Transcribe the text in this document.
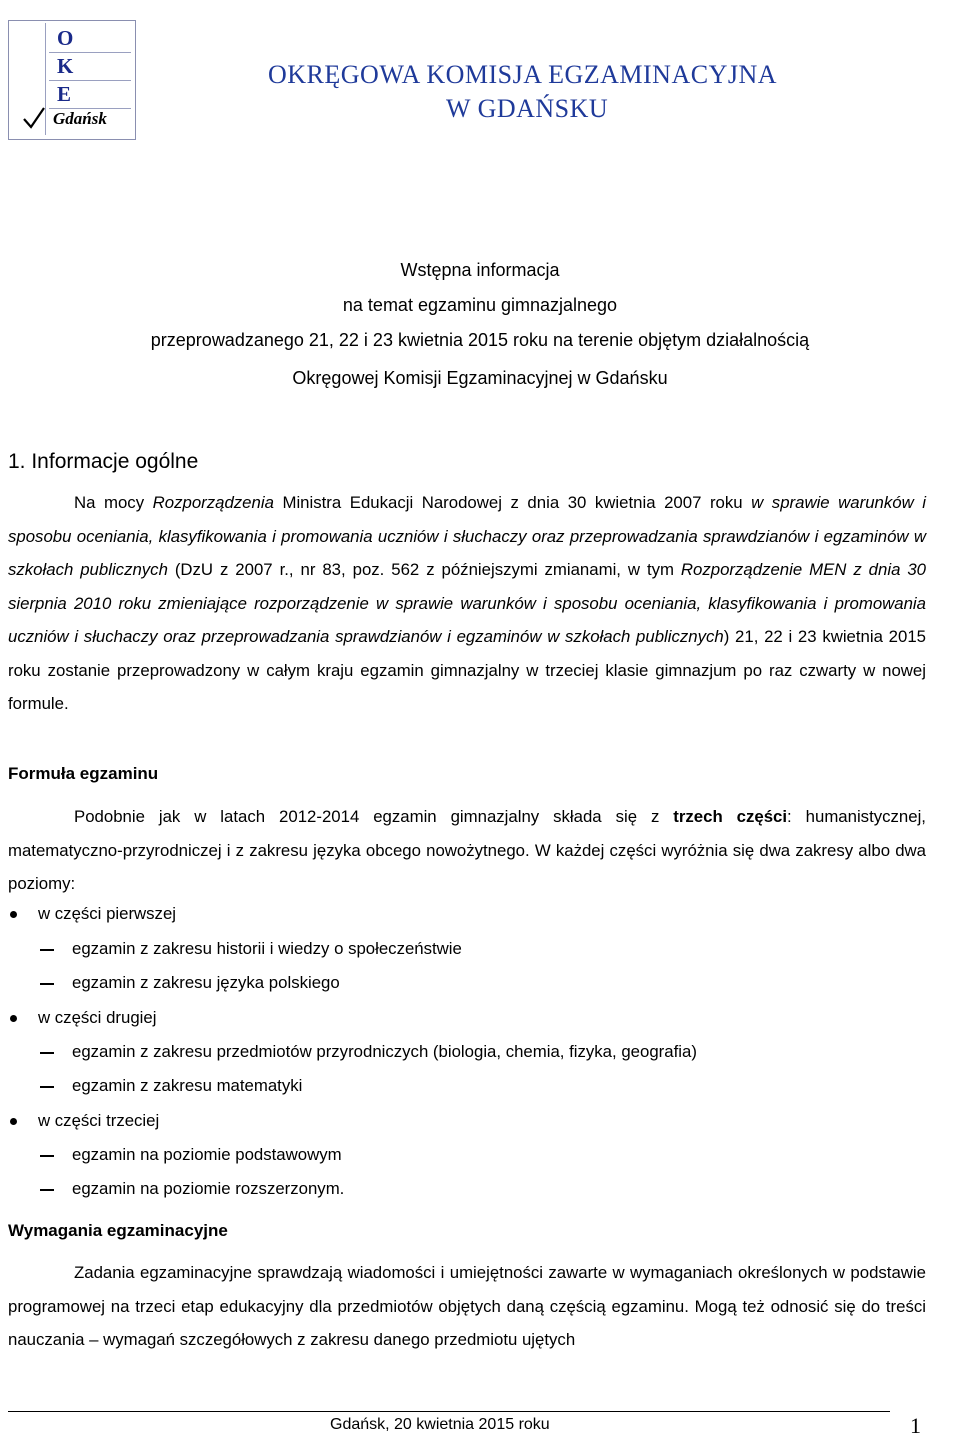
O
K
E
Gdańsk
OKRĘGOWA KOMISJA EGZAMINACYJNA
W GDAŃSKU
Wstępna informacja
na temat egzaminu gimnazjalnego
przeprowadzanego 21, 22 i 23 kwietnia 2015 roku na terenie objętym działalnością
Okręgowej Komisji Egzaminacyjnej w Gdańsku
1. Informacje ogólne
Na mocy Rozporządzenia Ministra Edukacji Narodowej z dnia 30 kwietnia 2007 roku w sprawie warunków i sposobu oceniania, klasyfikowania i promowania uczniów i słuchaczy oraz przeprowadzania sprawdzianów i egzaminów w szkołach publicznych (DzU z 2007 r., nr 83, poz. 562 z późniejszymi zmianami, w tym Rozporządzenie MEN z dnia 30 sierpnia 2010 roku zmieniające rozporządzenie w sprawie warunków i sposobu oceniania, klasyfikowania i promowania uczniów i słuchaczy oraz przeprowadzania sprawdzianów i egzaminów w szkołach publicznych) 21, 22 i 23 kwietnia 2015 roku zostanie przeprowadzony w całym kraju egzamin gimnazjalny w trzeciej klasie gimnazjum po raz czwarty w nowej formule.
Formuła egzaminu
Podobnie jak w latach 2012-2014 egzamin gimnazjalny składa się z trzech części: humanistycznej, matematyczno-przyrodniczej i z zakresu języka obcego nowożytnego. W każdej części wyróżnia się dwa zakresy albo dwa poziomy:
w części pierwszej
egzamin z zakresu historii i wiedzy o społeczeństwie
egzamin z zakresu języka polskiego
w części drugiej
egzamin z zakresu przedmiotów przyrodniczych (biologia, chemia, fizyka, geografia)
egzamin z zakresu matematyki
w części trzeciej
egzamin na poziomie podstawowym
egzamin na poziomie rozszerzonym.
Wymagania egzaminacyjne
Zadania egzaminacyjne sprawdzają wiadomości i umiejętności zawarte w wymaganiach określonych w podstawie programowej na trzeci etap edukacyjny dla przedmiotów objętych daną częścią egzaminu. Mogą też odnosić się do treści nauczania – wymagań szczegółowych z zakresu danego przedmiotu ujętych
Gdańsk, 20 kwietnia 2015 roku	1
